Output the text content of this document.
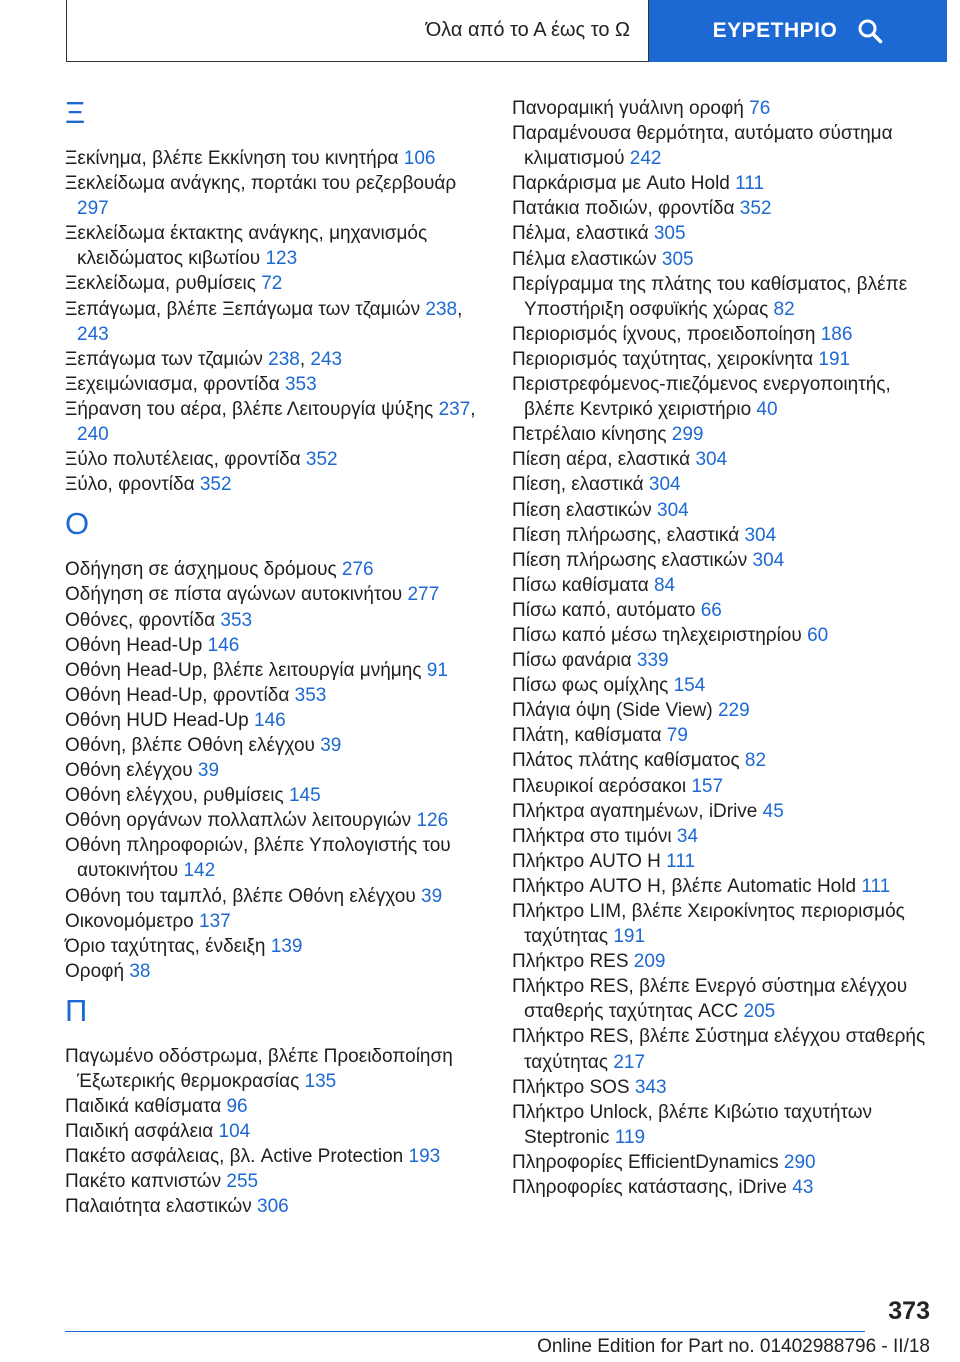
Όλα από το Α έως το Ω	ΕΥΡΕΤΗΡΙΟ
Ξ
Ξεκίνημα, βλέπε Εκκίνηση του κινητήρα 106
Ξεκλείδωμα ανάγκης, πορτάκι του ρεζερβουάρ 297
Ξεκλείδωμα έκτακτης ανάγκης, μηχανισμός κλειδώματος κιβωτίου 123
Ξεκλείδωμα, ρυθμίσεις 72
Ξεπάγωμα, βλέπε Ξεπάγωμα των τζαμιών 238, 243
Ξεπάγωμα των τζαμιών 238, 243
Ξεχειμώνιασμα, φροντίδα 353
Ξήρανση του αέρα, βλέπε Λειτουργία ψύξης 237, 240
Ξύλο πολυτέλειας, φροντίδα 352
Ξύλο, φροντίδα 352
Ο
Οδήγηση σε άσχημους δρόμους 276
Οδήγηση σε πίστα αγώνων αυτοκινήτου 277
Οθόνες, φροντίδα 353
Οθόνη Head-Up 146
Οθόνη Head-Up, βλέπε λειτουργία μνήμης 91
Οθόνη Head-Up, φροντίδα 353
Οθόνη HUD Head-Up 146
Οθόνη, βλέπε Οθόνη ελέγχου 39
Οθόνη ελέγχου 39
Οθόνη ελέγχου, ρυθμίσεις 145
Οθόνη οργάνων πολλαπλών λειτουργιών 126
Οθόνη πληροφοριών, βλέπε Υπολογιστής του αυτοκινήτου 142
Οθόνη του ταμπλό, βλέπε Οθόνη ελέγχου 39
Οικονομόμετρο 137
Όριο ταχύτητας, ένδειξη 139
Οροφή 38
Π
Παγωμένο οδόστρωμα, βλέπε Προειδοποίηση Έξωτερικής θερμοκρασίας 135
Παιδικά καθίσματα 96
Παιδική ασφάλεια 104
Πακέτο ασφάλειας, βλ. Active Protection 193
Πακέτο καπνιστών 255
Παλαιότητα ελαστικών 306
Πανοραμική γυάλινη οροφή 76
Παραμένουσα θερμότητα, αυτόματο σύστημα κλιματισμού 242
Παρκάρισμα με Auto Hold 111
Πατάκια ποδιών, φροντίδα 352
Πέλμα, ελαστικά 305
Πέλμα ελαστικών 305
Περίγραμμα της πλάτης του καθίσματος, βλέπε Υποστήριξη οσφυϊκής χώρας 82
Περιορισμός ίχνους, προειδοποίηση 186
Περιορισμός ταχύτητας, χειροκίνητα 191
Περιστρεφόμενος-πιεζόμενος ενεργοποιητής, βλέπε Κεντρικό χειριστήριο 40
Πετρέλαιο κίνησης 299
Πίεση αέρα, ελαστικά 304
Πίεση, ελαστικά 304
Πίεση ελαστικών 304
Πίεση πλήρωσης, ελαστικά 304
Πίεση πλήρωσης ελαστικών 304
Πίσω καθίσματα 84
Πίσω καπό, αυτόματο 66
Πίσω καπό μέσω τηλεχειριστηρίου 60
Πίσω φανάρια 339
Πίσω φως ομίχλης 154
Πλάγια όψη (Side View) 229
Πλάτη, καθίσματα 79
Πλάτος πλάτης καθίσματος 82
Πλευρικοί αερόσακοι 157
Πλήκτρα αγαπημένων, iDrive 45
Πλήκτρα στο τιμόνι 34
Πλήκτρο AUTO H 111
Πλήκτρο AUTO H, βλέπε Automatic Hold 111
Πλήκτρο LIM, βλέπε Χειροκίνητος περιορισμός ταχύτητας 191
Πλήκτρο RES 209
Πλήκτρο RES, βλέπε Ενεργό σύστημα ελέγχου σταθερής ταχύτητας ACC 205
Πλήκτρο RES, βλέπε Σύστημα ελέγχου σταθερής ταχύτητας 217
Πλήκτρο SOS 343
Πλήκτρο Unlock, βλέπε Κιβώτιο ταχυτήτων Steptronic 119
Πληροφορίες EfficientDynamics 290
Πληροφορίες κατάστασης, iDrive 43
373
Online Edition for Part no. 01402988796 - II/18
